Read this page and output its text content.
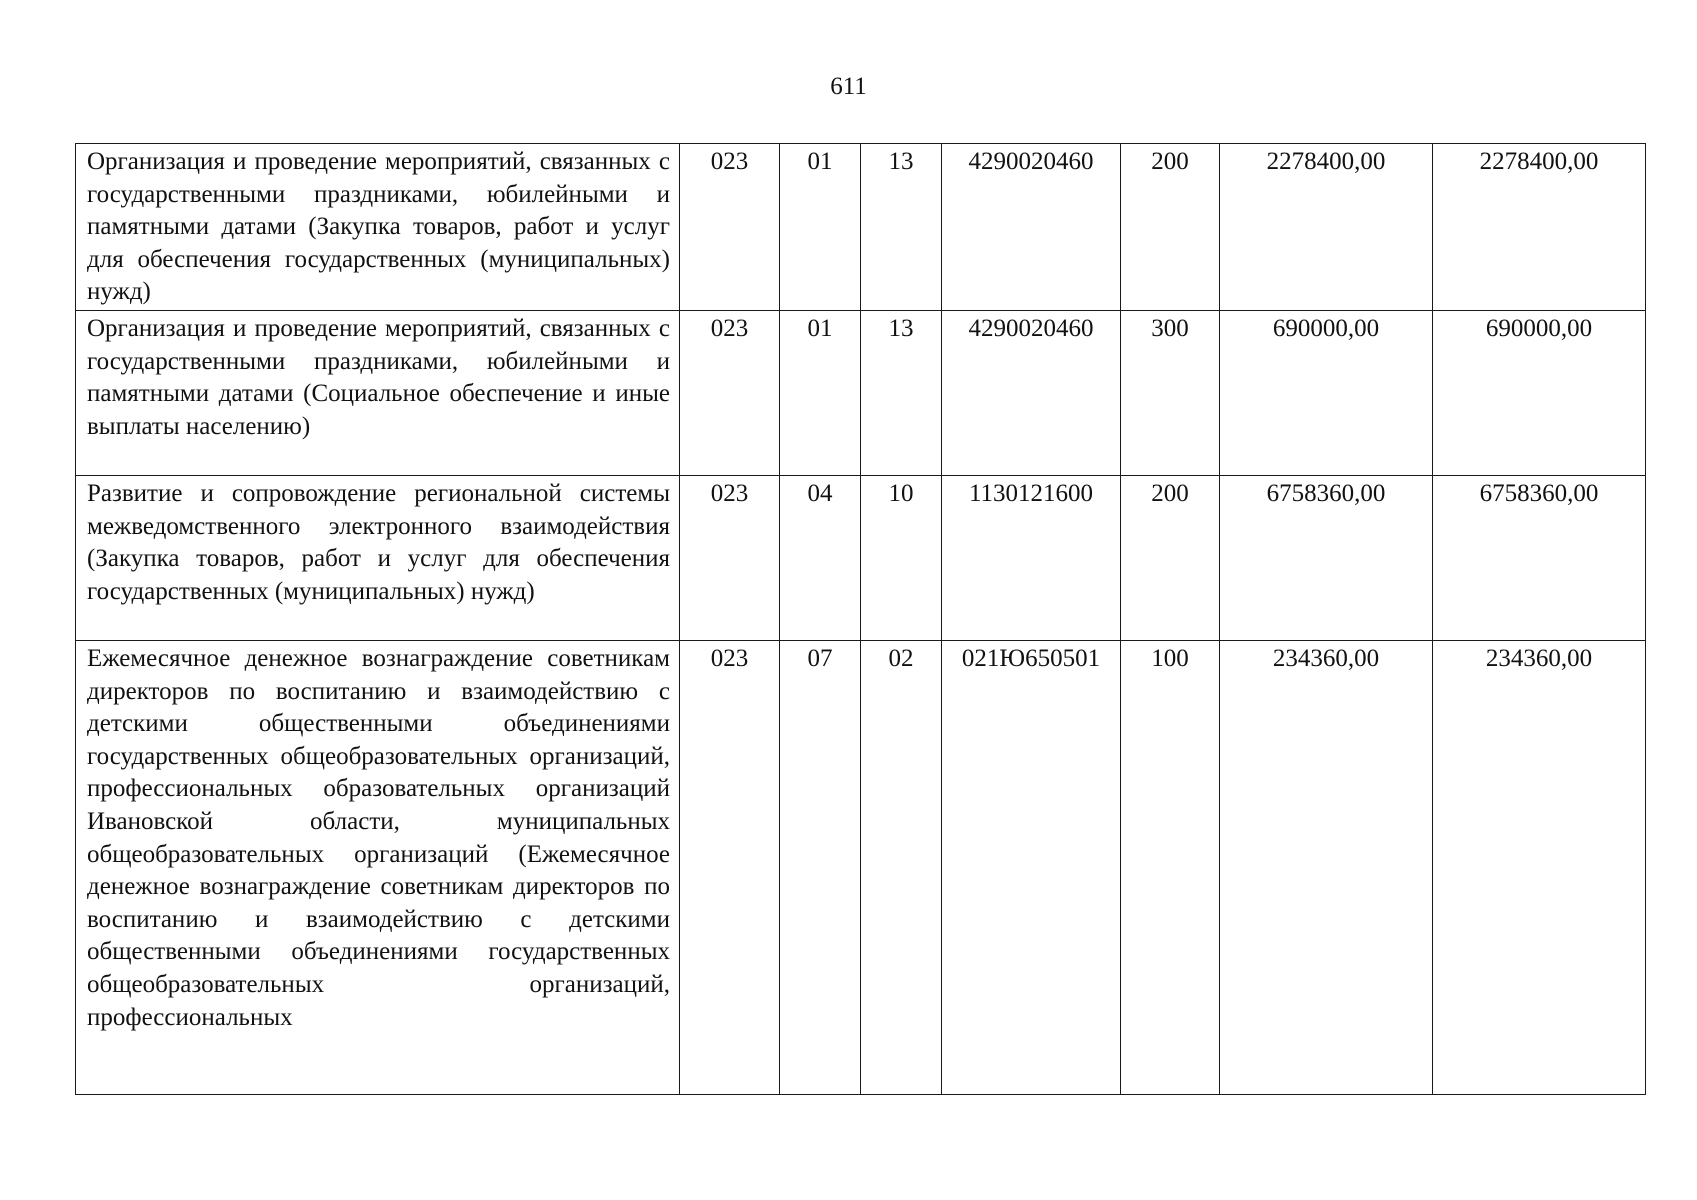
611
Организация и проведение мероприятий, связанных с государственными праздниками, юбилейными и памятными датами (Закупка товаров, работ и услуг для обеспечения государственных (муниципальных) нужд)	023	01	13	4290020460	200	2278400,00	2278400,00
Организация и проведение мероприятий, связанных с государственными праздниками, юбилейными и памятными датами (Социальное обеспечение и иные выплаты населению)	023	01	13	4290020460	300	690000,00	690000,00
Развитие и сопровождение региональной системы межведомственного электронного взаимодействия (Закупка товаров, работ и услуг для обеспечения государственных (муниципальных) нужд)	023	04	10	1130121600	200	6758360,00	6758360,00
Ежемесячное денежное вознаграждение советникам директоров по воспитанию и взаимодействию с детскими общественными объединениями государственных общеобразовательных организаций, профессиональных образовательных организаций Ивановской области, муниципальных общеобразовательных организаций (Ежемесячное денежное вознаграждение советникам директоров по воспитанию и взаимодействию с детскими общественными объединениями государственных общеобразовательных организаций, профессиональных	023	07	02	021Ю650501	100	234360,00	234360,00
